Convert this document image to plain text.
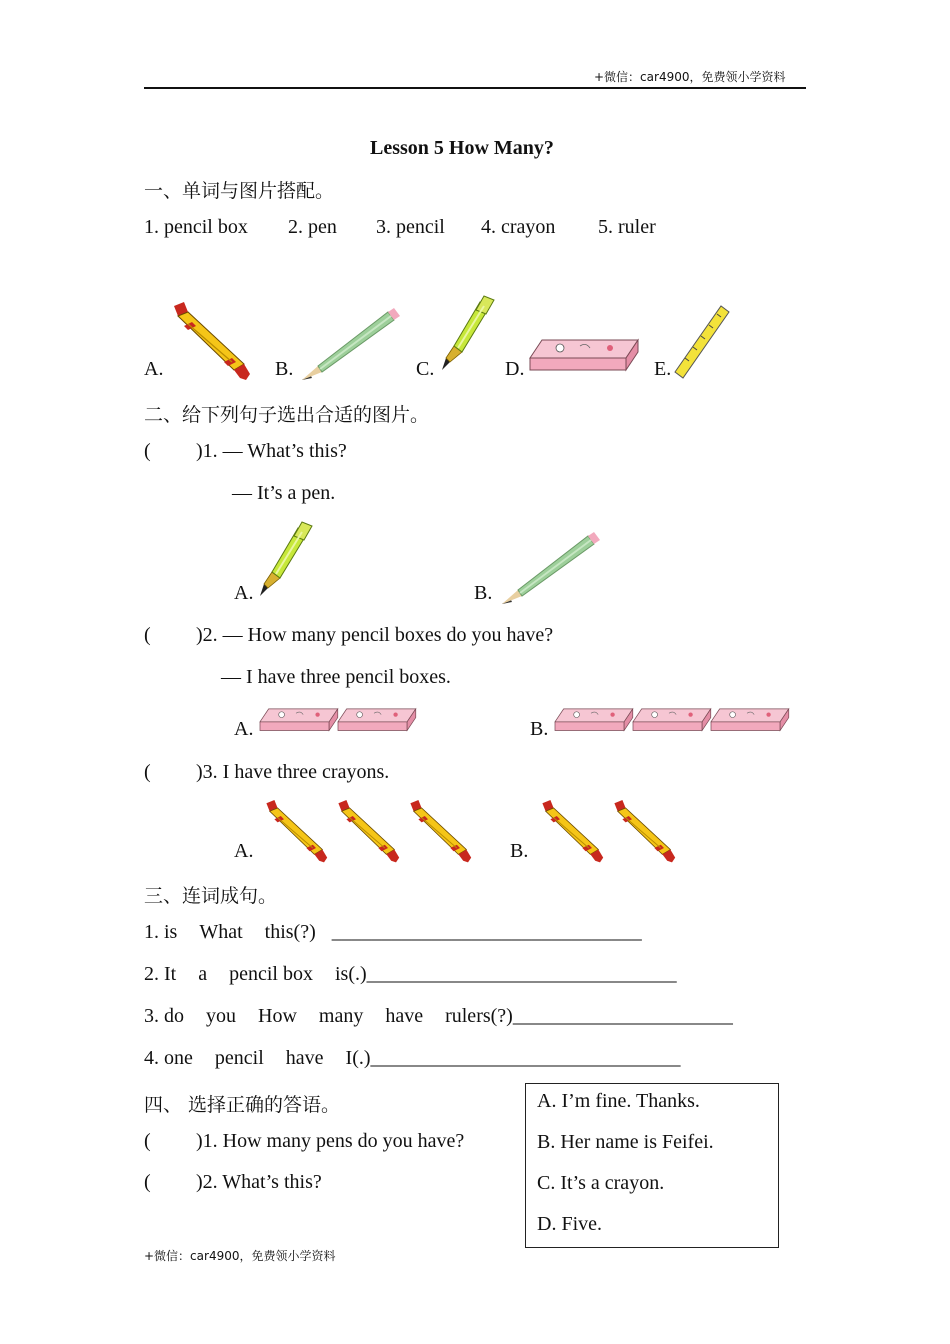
+微信：car4900，免费领小学资料
Lesson 5 How Many?
一、单词与图片搭配。
1. pencil box 2. pen 3. pencil 4. crayon 5. ruler
A.	B.	C.	D.	E.
二、给下列句子选出合适的图片。
( )1. — What’s this?
— It’s a pen.
A.	B.
( )2. — How many pencil boxes do you have?
— I have three pencil boxes.
A.	B.
( )3. I have three crayons.
A.	B.
三、连词成句。
1. is What this(?) _______________________________
2. It a pencil box is(.)_______________________________
3. do you How many have rulers(?)______________________
4. one pencil have I(.)_______________________________
四、 选择正确的答语。
( )1. How many pens do you have?
( )2. What’s this?
A. I’m fine. Thanks.
B. Her name is Feifei.
C. It’s a crayon.
D. Five.
+微信：car4900，免费领小学资料
